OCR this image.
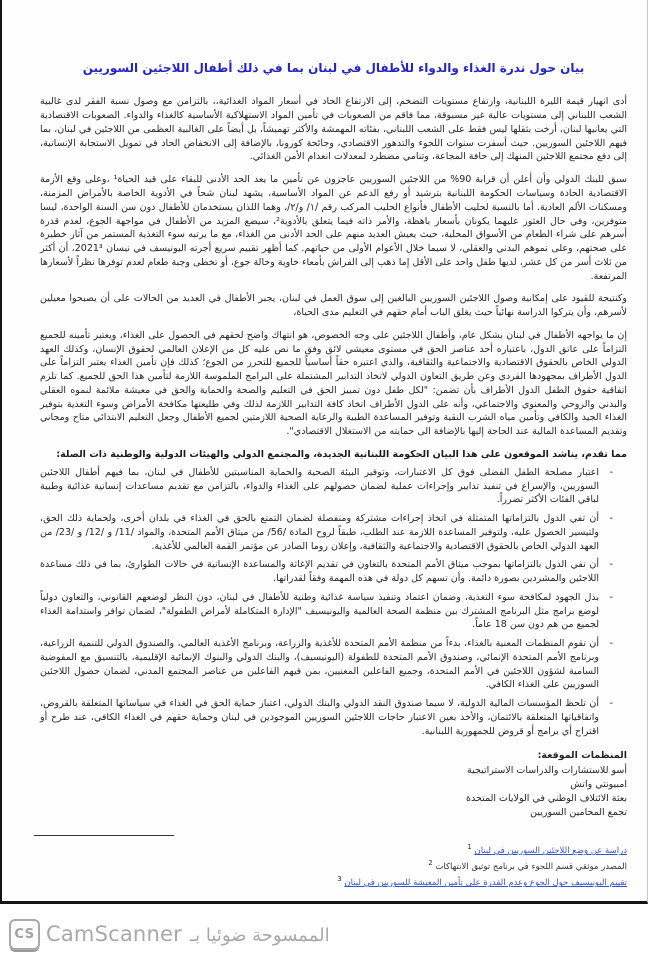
بيان حول ندرة الغذاء والدواء للأطفال في لبنان بما في ذلك أطفال اللاجئين السوريين

أدى انهيار قيمة الليرة اللبنانية، وارتفاع مستويات التضخم، إلى الارتفاع الحاد في أسعار المواد الغذائية،، بالتزامن مع وصول نسبة الفقر لدى غالبية الشعب اللبناني إلى مستويات عالية غير مسبوقة، مما فاقم من الصعوبات في تأمين المواد الاستهلاكية الأساسية كالغذاء والدواء. الصعوبات الاقتصادية التي يعانيها لبنان، أرخت بثقلها ليس فقط على الشعب اللبناني، بفئاته المهمشة والأكثر تهميشاً، بل أيضاً على الغالبية العظمى من اللاجئين في لبنان، بما فيهم اللاجئين السوريين. حيث أسفرت سنوات اللجوء والتدهور الاقتصادي، وجائحة كورونا، بالإضافة إلى الانخفاض الحاد في تمويل الاستجابة الإنسانية، إلى دفع مجتمع اللاجئين المنهك إلى حافة المجاعة، وتنامي مضطرد لمعدلات انعدام الأمن الغذائي.

سبق للبنك الدولي وأن أعلن أن قرابة 90% من اللاجئين السوريين عاجزون عن تأمين ما يعد الحد الأدنى للبقاء على قيد الحياة¹ ،وعلى وقع الأزمة الاقتصادية الحادة وسياسات الحكومة اللبنانية بترشيد أو رفع الدعم عن المواد الأساسية، يشهد لبنان شحاً في الأدوية الخاصة بالأمراض المزمنة، ومسكنات الألم العادية. أما بالنسبة لحليب الأطفال فأنواع الحليب المركب رقم /١/ و/٢/، وهما اللذان يستخدمان للأطفال دون سن السنة الواحدة، ليسا متوفرين، وفي حال العثور عليهما يكونان بأسعار باهظة، والأمر ذاته فيما يتعلق بالأدوية²، سيضع المزيد من الأطفال في مواجهة الجوع، لعدم قدرة أسرهم على شراء الطعام من الأسواق المحلية، حيث يعيش العديد منهم على الحد الأدنى من الغذاء، مع ما يرتبه سوء التغذية المستمر من آثار خطيرة على صحتهم، وعلى نموهم البدني والعقلي، لا سيما خلال الأعوام الأولى من حياتهم. كما أظهر تقييم سريع أجرته اليونيسف في نيسان 2021³، أن أكثر من ثلاث أسر من كل عشر، لديها طفل واحد على الأقل إما ذهب إلى الفراش بأمعاء خاوية وحالة جوع، أو تخطى وجبة طعام لعدم توفرها نظراً لأسعارها المرتفعة.

وكنتيجة للقيود على إمكانية وصول اللاجئين السوريين البالغين إلى سوق العمل في لبنان، يجبر الأطفال في العديد من الحالات على أن يصبحوا معيلين لأسرهم، وأن يتركوا الدراسة نهائياً حيث يغلق الباب أمام حقهم في التعليم مدى الحياة،

إن ما يواجهه الأطفال في لبنان بشكل عام، وأطفال اللاجئين على وجه الخصوص، هو انتهاك واضح لحقهم في الحصول على الغذاء، ويعتبر تأمينه للجميع التزاماً على عاتق الدول، باعتباره أحد عناصر الحق في مستوى معيشي لائق وفق ما نص عليه كل من الإعلان العالمي لحقوق الإنسان، وكذلك العهد الدولي الخاص بالحقوق الاقتصادية والاجتماعية والثقافية، والذي اعتبره حقاً أساسياً للجميع للتحرر من الجوع؛ كذلك فإن تأمين الغذاء يعتبر التزاماً على الدول الأطراف بمجهودها الفردي وعن طريق التعاون الدولي لاتخاذ التدابير المشتملة على البرامج الملموسة اللازمة لتأمين هذا الحق للجميع. كما تلزم اتفاقية حقوق الطفل الدول الأطراف بأن تضمن: "لكل طفل دون تمييز الحق في التعليم والصحة والحماية والحق في معيشة ملائمة لنموه العقلي والبدني والروحي والمعنوي والاجتماعي، وأنه على الدول الأطراف اتخاذ كافة التدابير اللازمة لذلك وفي طليعتها مكافحة الأمراض وسوء التغذية بتوفير الغذاء الجيد والكافي وتأمين مياه الشرب النقية وتوفير المساعدة الطبية والرعاية الصحية اللازمتين لجميع الأطفال وجعل التعليم الابتدائي متاح ومجاني وتقديم المساعدة المالية عند الحاجة إليها بالإضافة الى حمايته من الاستغلال الاقتصادي".

مما تقدم، يناشد الموقعون على هذا البيان الحكومة اللبنانية الجديدة، والمجتمع الدولي والهيئات الدولية والوطنية ذات الصلة:

- اعتبار مصلحة الطفل الفضلى فوق كل الاعتبارات، وتوفير البيئة الصحية والحماية المناسبتين للأطفال في لبنان، بما فيهم أطفال اللاجئين السوريين، والإسراع في تنفيذ تدابير وإجراءات عملية لضمان حصولهم على الغذاء والدواء، بالتزامن مع تقديم مساعدات إنسانية غذائية وطبية لباقي الفئات الأكثر تضرراً.
- أن تفي الدول بالتزاماتها المتمثلة في اتخاذ إجراءات مشتركة ومنفصلة لضمان التمتع بالحق في الغذاء في بلدان أخرى، ولحماية ذلك الحق، ولتيسير الحصول عليه، ولتوفير المساعدة اللازمة عند الطلب، طبقاً لروح المادة /56/ من ميثاق الأمم المتحدة، والمواد /11/ و /12/ و /23/ من العهد الدولي الخاص بالحقوق الاقتصادية والاجتماعية والثقافية، وإعلان روما الصادر عن مؤتمر القمة العالمي للأغذية.
- أن تفي الدول بالتزاماتها بموجب ميثاق الأمم المتحدة بالتعاون في تقديم الإغاثة والمساعدة الإنسانية في حالات الطوارئ، بما في ذلك مساعدة اللاجئين والمشردين بصورة دائمة. وأن تسهم كل دولة في هذه المهمة وفقاً لقدراتها.
- بذل الجهود لمكافحة سوء التغذية، وضمان اعتماد وتنفيذ سياسة غذائية وطنية للأطفال في لبنان، دون النظر لوضعهم القانوني، والتعاون دولياً لوضع برامج مثل البرنامج المشترك بين منظمة الصحة العالمية واليونيسيف "الإدارة المتكاملة لأمراض الطفولة"، لضمان توافر واستدامة الغذاء لجميع من هم دون سن 18 عاماً.
- أن تقوم المنظمات المعنية بالغذاء، بدءاً من منظمة الأمم المتحدة للأغذية والزراعة، وبرنامج الأغذية العالمي، والصندوق الدولي للتنمية الزراعية، وبرنامج الأمم المتحدة الإنمائي، وصندوق الأمم المتحدة للطفولة (اليونيسيف)، والبنك الدولي والبنوك الإنمائية الإقليمية، بالتنسيق مع المفوضية السامية لشؤون اللاجئين في الأمم المتحدة، وجميع الفاعلين المعنيين، بمن فيهم الفاعلين من عناصر المجتمع المدني، لضمان حصول اللاجئين السوريين على الغذاء الكافي.
- أن تلحظ المؤسسات المالية الدولية، لا سيما صندوق النقد الدولي والبنك الدولي، اعتبار حماية الحق في الغذاء في سياساتها المتعلقة بالقروض، واتفاقياتها المتعلقة بالائتمان، والأخذ بعين الاعتبار حاجات اللاجئين السوريين الموجودين في لبنان وحماية حقهم في الغذاء الكافي، عند طرح أو اقتراح أي برامج أو قروض للجمهورية اللبنانية.
المنظمات الموقعة:
أسو للاستشارات والدراسات الاستراتيجية
امبيونتي واتش
بعثة الائتلاف الوطني في الولايات المتحدة
تجمع المحامين السوريين
$^1$ دراسة عن وضع اللاجئين السوريين في لبنان
$^2$ المصدر موثقي قسم اللجوء في برنامج توثيق الانتهاكات
$^3$ تقييم اليونيسيف حول الجوع وعدم القدرة على تأمين المعيشة للسوريين في لبنان
CS CamScanner الممسوحة ضوئيا بـ
